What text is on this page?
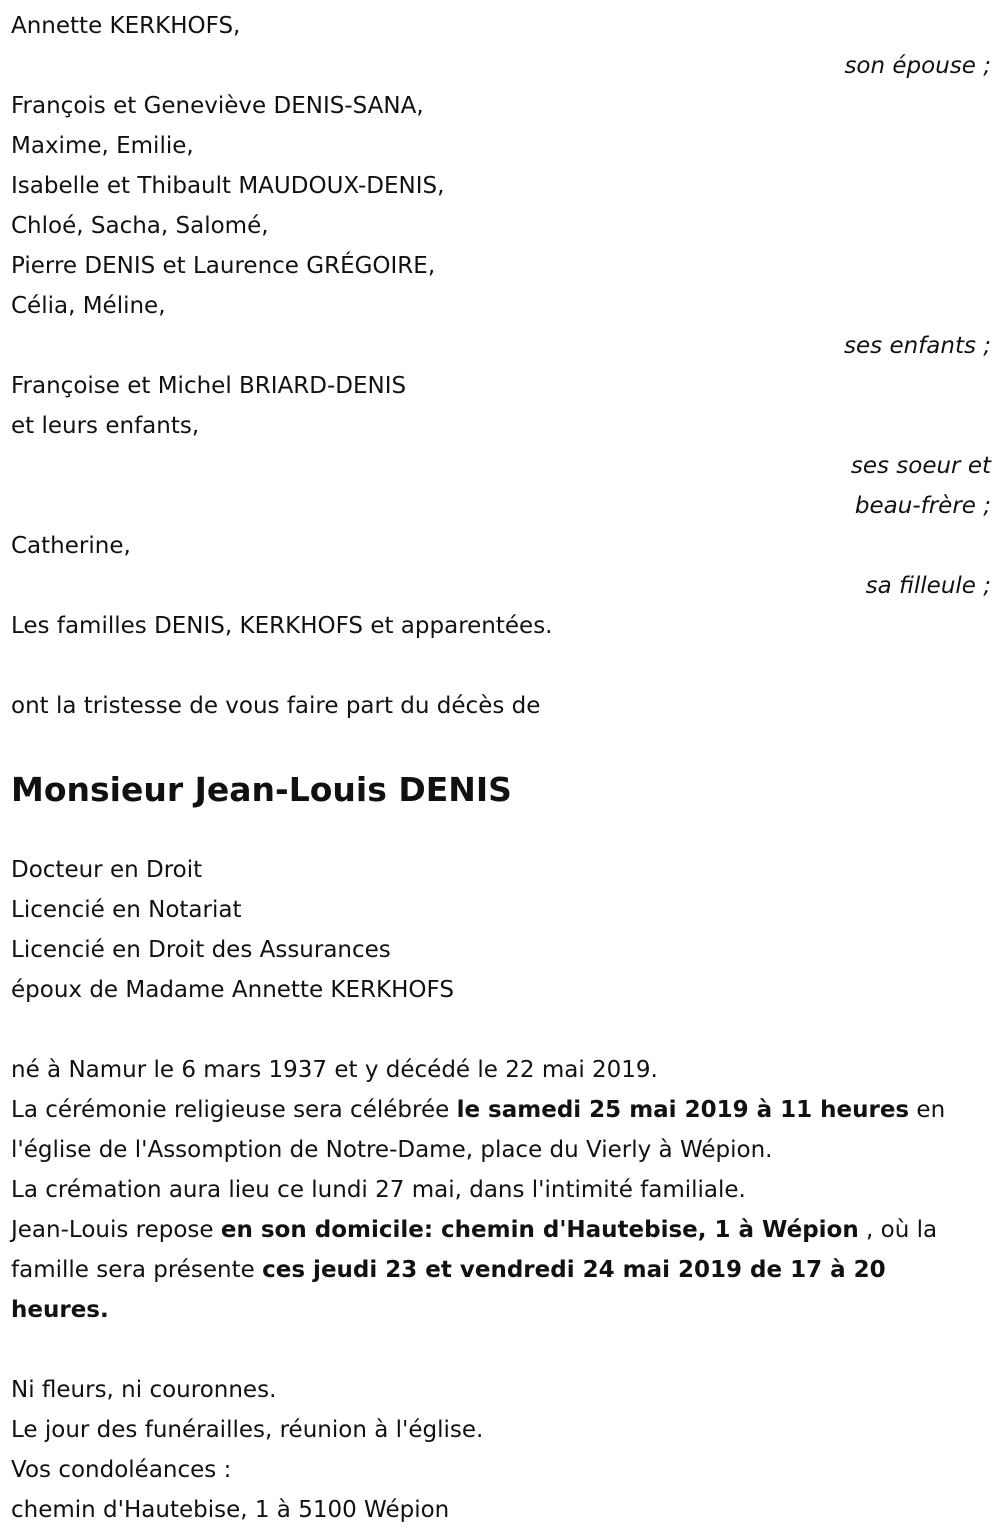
Annette KERKHOFS,
son épouse ;
François et Geneviève DENIS-SANA,
Maxime, Emilie,
Isabelle et Thibault MAUDOUX-DENIS,
Chloé, Sacha, Salomé,
Pierre DENIS et Laurence GRÉGOIRE,
Célia, Méline,
ses enfants ;
Françoise et Michel BRIARD-DENIS
et leurs enfants,
ses soeur et
beau-frère ;
Catherine,
sa filleule ;
Les familles DENIS, KERKHOFS et apparentées.
ont la tristesse de vous faire part du décès de
Monsieur Jean-Louis DENIS
Docteur en Droit
Licencié en Notariat
Licencié en Droit des Assurances
époux de Madame Annette KERKHOFS
né à Namur le 6 mars 1937 et y décédé le 22 mai 2019.
La cérémonie religieuse sera célébrée le samedi 25 mai 2019 à 11 heures en l'église de l'Assomption de Notre-Dame, place du Vierly à Wépion.
La crémation aura lieu ce lundi 27 mai, dans l'intimité familiale.
Jean-Louis repose en son domicile: chemin d'Hautebise, 1 à Wépion , où la famille sera présente ces jeudi 23 et vendredi 24 mai 2019 de 17 à 20 heures.
Ni fleurs, ni couronnes.
Le jour des funérailles, réunion à l'église.
Vos condoléances :
chemin d'Hautebise, 1 à 5100 Wépion
